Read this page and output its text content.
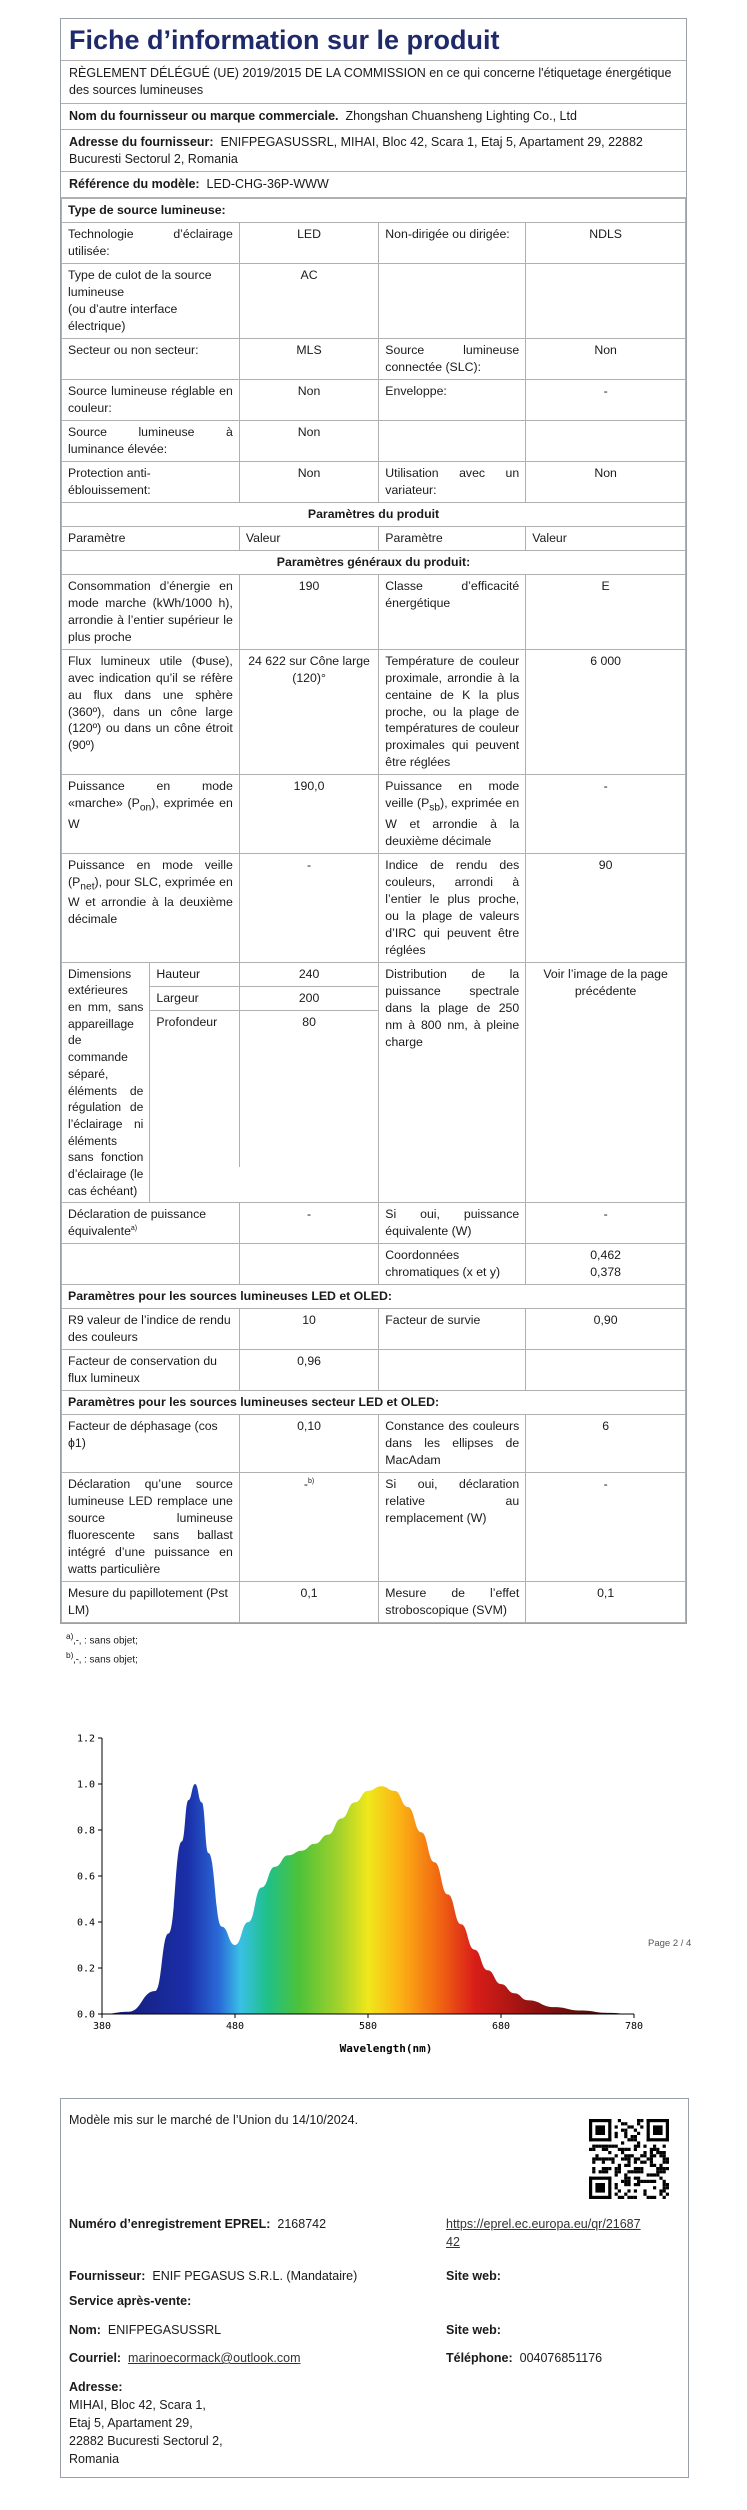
Fiche d’information sur le produit
RÈGLEMENT DÉLÉGUÉ (UE) 2019/2015 DE LA COMMISSION en ce qui concerne l'étiquetage énergétique des sources lumineuses
Nom du fournisseur ou marque commerciale. Zhongshan Chuansheng Lighting Co., Ltd
Adresse du fournisseur: ENIFPEGASUSSRL, MIHAI, Bloc 42, Scara 1, Etaj 5, Apartament 29, 22882 Bucuresti Sectorul 2, Romania
Référence du modèle: LED-CHG-36P-WWW
Type de source lumineuse:
Technologie d’éclairage utilisée:	LED	Non-dirigée ou dirigée:	NDLS
Type de culot de la source lumineuse
(ou d’autre interface électrique)	AC		
Secteur ou non secteur:	MLS	Source lumineuse connectée (SLC):	Non
Source lumineuse réglable en couleur:	Non	Enveloppe:	-
Source lumineuse à luminance élevée:	Non		
Protection anti-éblouissement:	Non	Utilisation avec un variateur:	Non
Paramètres du produit
Paramètre	Valeur	Paramètre	Valeur
Paramètres généraux du produit:
Consommation d’énergie en mode marche (kWh/1000 h), arrondie à l’entier supérieur le plus proche	190	Classe d’efficacité énergétique	E
Flux lumineux utile (Φuse), avec indication qu’il se réfère au flux dans une sphère (360º), dans un cône large (120º) ou dans un cône étroit (90º)	24 622 sur Cône large (120)°	Température de couleur proximale, arrondie à la centaine de K la plus proche, ou la plage de températures de couleur proximales qui peuvent être réglées	6 000
Puissance en mode «marche» $(P_{on})$, exprimée en W	190,0	Puissance en mode veille $(P_{sb})$, exprimée en W et arrondie à la deuxième décimale	-
Puissance en mode veille $(P_{net})$, pour SLC, exprimée en W et arrondie à la deuxième décimale	-	Indice de rendu des couleurs, arrondi à l’entier le plus proche, ou la plage de valeurs d’IRC qui peuvent être réglées	90
Dimensions extérieures en mm, sans appareillage de commande séparé, éléments de régulation de l’éclairage ni éléments sans fonction d’éclairage (le cas échéant)	
Hauteur	240
Largeur	200
Profondeur	80
	Distribution de la puissance spectrale dans la plage de 250 nm à 800 nm, à pleine charge	Voir l’image de la page précédente
Déclaration de puissance équivalente$^{a)}$	-	Si oui, puissance équivalente (W)	-
		Coordonnées chromatiques (x et y)	0,462
0,378
Paramètres pour les sources lumineuses LED et OLED:
R9 valeur de l’indice de rendu des couleurs	10	Facteur de survie	0,90
Facteur de conservation du flux lumineux	0,96		
Paramètres pour les sources lumineuses secteur LED et OLED:
Facteur de déphasage (cos ϕ1)	0,10	Constance des couleurs dans les ellipses de MacAdam	6
Déclaration qu’une source lumineuse LED remplace une source lumineuse fluorescente sans ballast intégré d’une puissance en watts particulière	-$^{b)}$	Si oui, déclaration relative au remplacement (W)	-
Mesure du papillotement (Pst LM)	0,1	Mesure de l’effet stroboscopique (SVM)	0,1
$^{a)}$‚-‚ : sans objet;
$^{b)}$‚-‚ : sans objet;
380	480	580	680	780
0.0
0.2
0.4
0.6
0.8
1.0
1.2
Wavelength(nm)
Page 2 / 4
Modèle mis sur le marché de l’Union du 14/10/2024.
Numéro d’enregistrement EPREL: 2168742	https://eprel.ec.europa.eu/qr/2168742
Fournisseur: ENIF PEGASUS S.R.L. (Mandataire)	Site web:
Service après-vente:
Nom: ENIFPEGASUSSRL	Site web:
Courriel: marinoecormack@outlook.com	Téléphone: 004076851176
Adresse:
MIHAI, Bloc 42, Scara 1,
Etaj 5, Apartament 29,
22882 Bucuresti Sectorul 2,
Romania
